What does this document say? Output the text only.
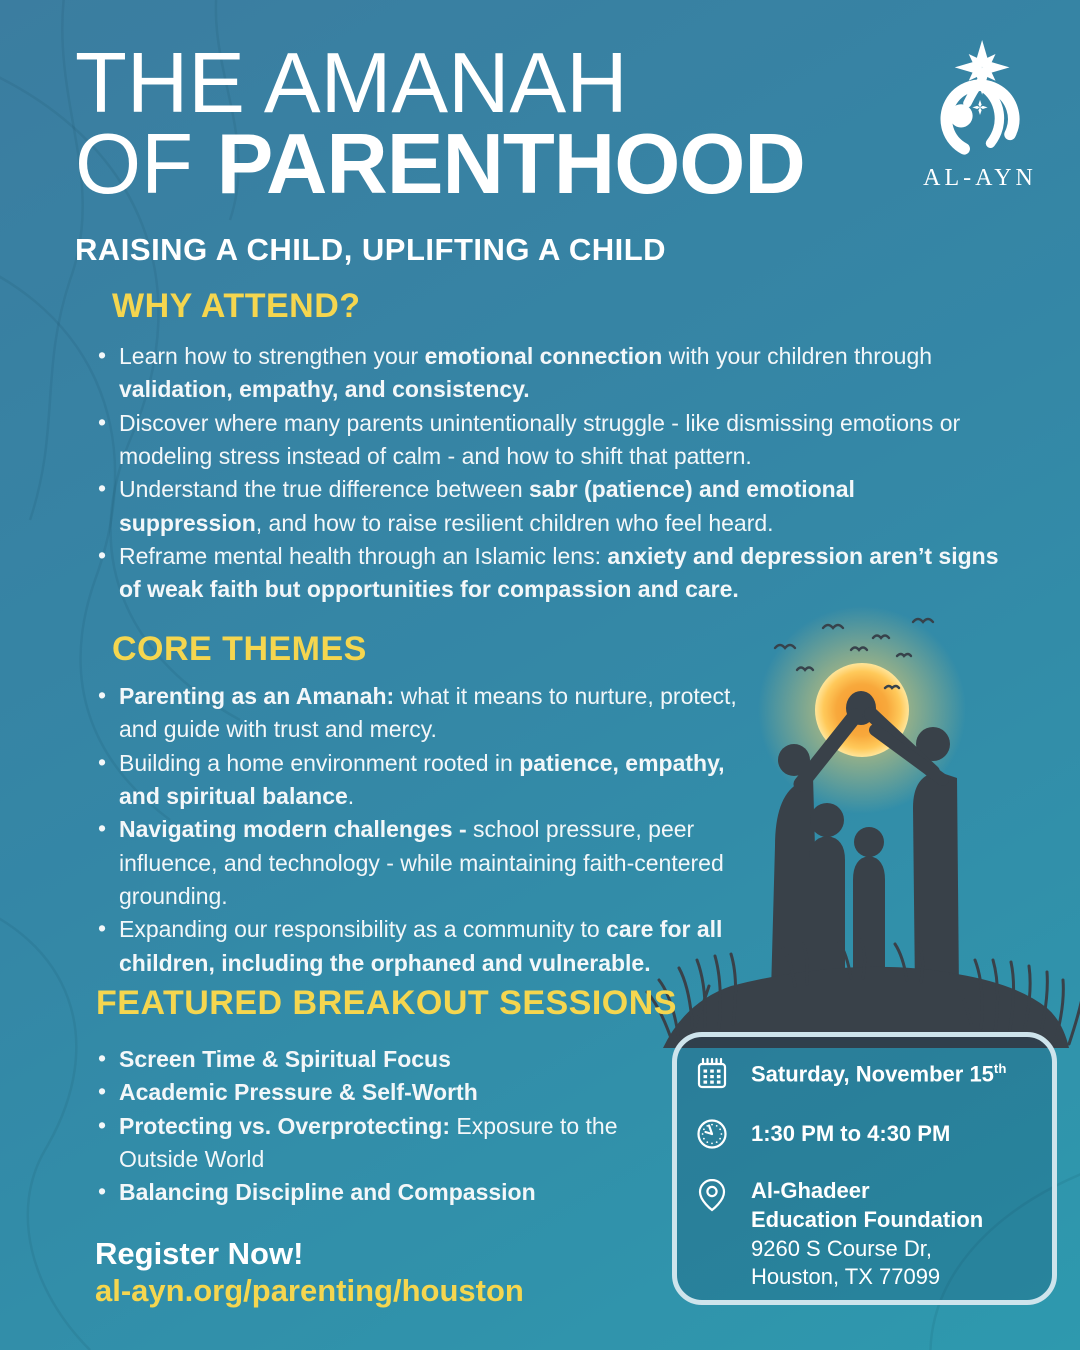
THE AMANAH
OF PARENTHOOD
RAISING A CHILD, UPLIFTING A CHILD
AL-AYN
WHY ATTEND?
• Learn how to strengthen your emotional connection with your children through validation, empathy, and consistency.
• Discover where many parents unintentionally struggle - like dismissing emotions or modeling stress instead of calm - and how to shift that pattern.
• Understand the true difference between sabr (patience) and emotional suppression, and how to raise resilient children who feel heard.
• Reframe mental health through an Islamic lens: anxiety and depression aren’t signs of weak faith but opportunities for compassion and care.
CORE THEMES
• Parenting as an Amanah: what it means to nurture, protect, and guide with trust and mercy.
• Building a home environment rooted in patience, empathy, and spiritual balance.
• Navigating modern challenges - school pressure, peer influence, and technology - while maintaining faith-centered grounding.
• Expanding our responsibility as a community to care for all children, including the orphaned and vulnerable.
FEATURED BREAKOUT SESSIONS
• Screen Time & Spiritual Focus
• Academic Pressure & Self-Worth
• Protecting vs. Overprotecting: Exposure to the Outside World
• Balancing Discipline and Compassion
Register Now!
al-ayn.org/parenting/houston
Saturday, November 15th
1:30 PM to 4:30 PM
Al-Ghadeer
Education Foundation
9260 S Course Dr,
Houston, TX 77099
